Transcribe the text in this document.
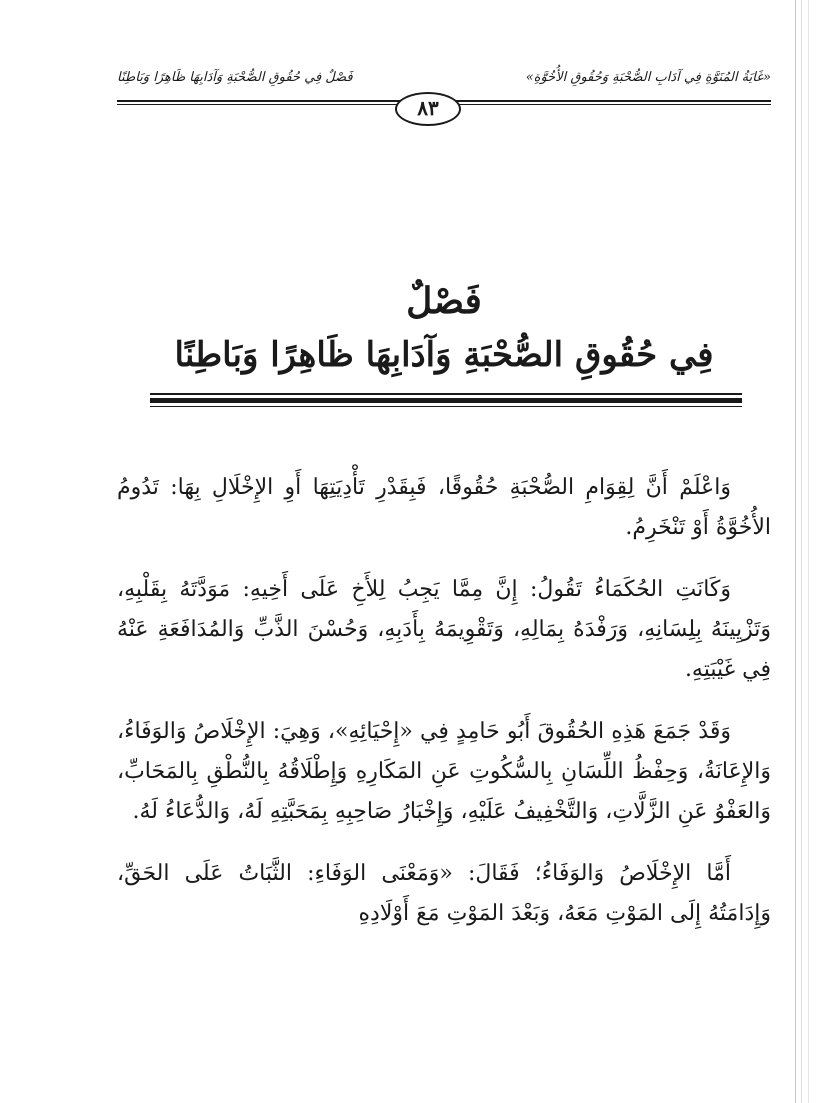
«غَايَةُ المُنَوَّةِ فِي آدَابِ الصُّحْبَةِ وَحُقُوقِ الأُخُوَّةِ»
فَصْلٌ فِي حُقُوقِ الصُّحْبَةِ وَآدَابِهَا ظَاهِرًا وَبَاطِنًا
٨٣
فَصْلٌ
فِي حُقُوقِ الصُّحْبَةِ وَآدَابِهَا ظَاهِرًا وَبَاطِنًا

وَاعْلَمْ أَنَّ لِقِوَامِ الصُّحْبَةِ حُقُوقًا، فَبِقَدْرِ تَأْدِيَتِهَا أَوِ الإِخْلَالِ بِهَا: تَدُومُ الأُخُوَّةُ أَوْ تَنْخَرِمُ.

وَكَانَتِ الحُكَمَاءُ تَقُولُ: إِنَّ مِمَّا يَجِبُ لِلأَخِ عَلَى أَخِيهِ: مَوَدَّتَهُ بِقَلْبِهِ، وَتَزْيِينَهُ بِلِسَانِهِ، وَرَفْدَهُ بِمَالِهِ، وَتَقْوِيمَهُ بِأَدَبِهِ، وَحُسْنَ الذَّبِّ وَالمُدَافَعَةِ عَنْهُ فِي غَيْبَتِهِ.

وَقَدْ جَمَعَ هَذِهِ الحُقُوقَ أَبُو حَامِدٍ فِي «إِحْيَائِهِ»، وَهِيَ: الإِخْلَاصُ وَالوَفَاءُ، وَالإِعَانَةُ، وَحِفْظُ اللِّسَانِ بِالسُّكُوتِ عَنِ المَكَارِهِ وَإِطْلَاقُهُ بِالنُّطْقِ بِالمَحَابِّ، وَالعَفْوُ عَنِ الزَّلَّاتِ، وَالتَّخْفِيفُ عَلَيْهِ، وَإِخْبَارُ صَاحِبِهِ بِمَحَبَّتِهِ لَهُ، وَالدُّعَاءُ لَهُ.

أَمَّا الإِخْلَاصُ وَالوَفَاءُ؛ فَقَالَ: «وَمَعْنَى الوَفَاءِ: الثَّبَاتُ عَلَى الحَقِّ، وَإِدَامَتُهُ إِلَى المَوْتِ مَعَهُ، وَبَعْدَ المَوْتِ مَعَ أَوْلَادِهِ
